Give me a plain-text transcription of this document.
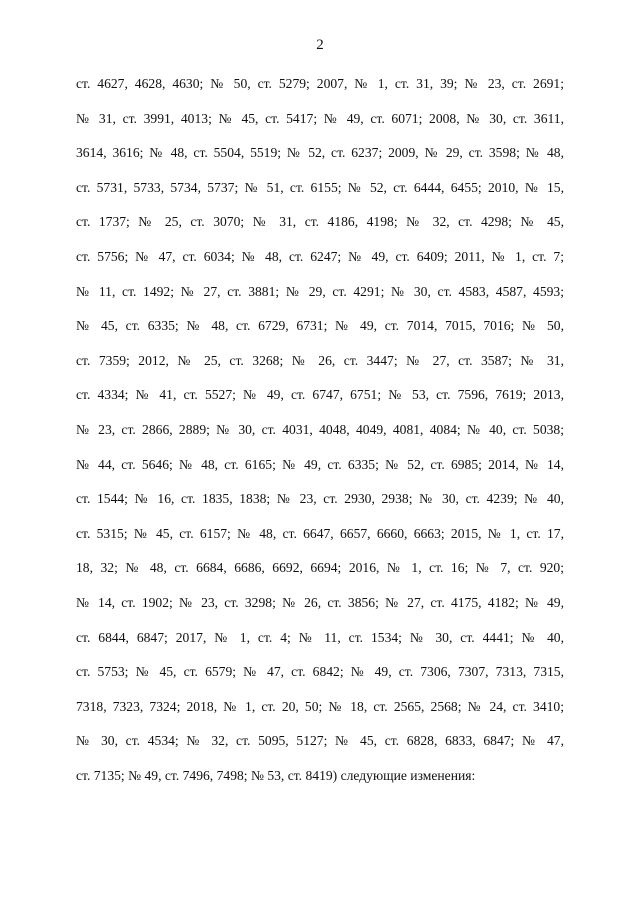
2
ст. 4627, 4628, 4630; № 50, ст. 5279; 2007, № 1, ст. 31, 39; № 23, ст. 2691;
№ 31, ст. 3991, 4013; № 45, ст. 5417; № 49, ст. 6071; 2008, № 30, ст. 3611,
3614, 3616; № 48, ст. 5504, 5519; № 52, ст. 6237; 2009, № 29, ст. 3598; № 48,
ст. 5731, 5733, 5734, 5737; № 51, ст. 6155; № 52, ст. 6444, 6455; 2010, № 15,
ст. 1737; № 25, ст. 3070; № 31, ст. 4186, 4198; № 32, ст. 4298; № 45,
ст. 5756; № 47, ст. 6034; № 48, ст. 6247; № 49, ст. 6409; 2011, № 1, ст. 7;
№ 11, ст. 1492; № 27, ст. 3881; № 29, ст. 4291; № 30, ст. 4583, 4587, 4593;
№ 45, ст. 6335; № 48, ст. 6729, 6731; № 49, ст. 7014, 7015, 7016; № 50,
ст. 7359; 2012, № 25, ст. 3268; № 26, ст. 3447; № 27, ст. 3587; № 31,
ст. 4334; № 41, ст. 5527; № 49, ст. 6747, 6751; № 53, ст. 7596, 7619; 2013,
№ 23, ст. 2866, 2889; № 30, ст. 4031, 4048, 4049, 4081, 4084; № 40, ст. 5038;
№ 44, ст. 5646; № 48, ст. 6165; № 49, ст. 6335; № 52, ст. 6985; 2014, № 14,
ст. 1544; № 16, ст. 1835, 1838; № 23, ст. 2930, 2938; № 30, ст. 4239; № 40,
ст. 5315; № 45, ст. 6157; № 48, ст. 6647, 6657, 6660, 6663; 2015, № 1, ст. 17,
18, 32; № 48, ст. 6684, 6686, 6692, 6694; 2016, № 1, ст. 16; № 7, ст. 920;
№ 14, ст. 1902; № 23, ст. 3298; № 26, ст. 3856; № 27, ст. 4175, 4182; № 49,
ст. 6844, 6847; 2017, № 1, ст. 4; № 11, ст. 1534; № 30, ст. 4441; № 40,
ст. 5753; № 45, ст. 6579; № 47, ст. 6842; № 49, ст. 7306, 7307, 7313, 7315,
7318, 7323, 7324; 2018, № 1, ст. 20, 50; № 18, ст. 2565, 2568; № 24, ст. 3410;
№ 30, ст. 4534; № 32, ст. 5095, 5127; № 45, ст. 6828, 6833, 6847; № 47,
ст. 7135; № 49, ст. 7496, 7498; № 53, ст. 8419) следующие изменения:
